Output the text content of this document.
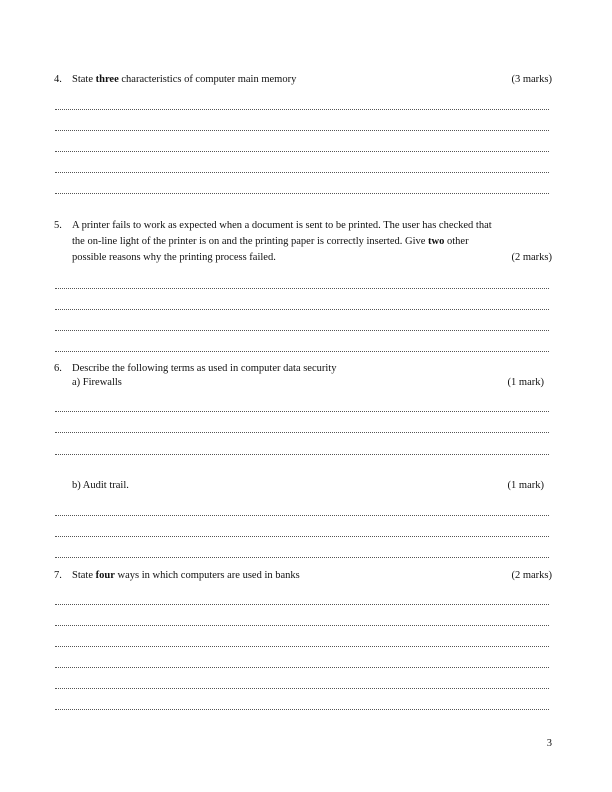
4. State three characteristics of computer main memory	(3 marks)
5. A printer fails to work as expected when a document is sent to be printed. The user has checked that
the on-line light of the printer is on and the printing paper is correctly inserted. Give two other
possible reasons why the printing process failed.	(2 marks)
6. Describe the following terms as used in computer data security
a) Firewalls	(1 mark)
b) Audit trail.	(1 mark)
7. State four ways in which computers are used in banks	(2 marks)
3
